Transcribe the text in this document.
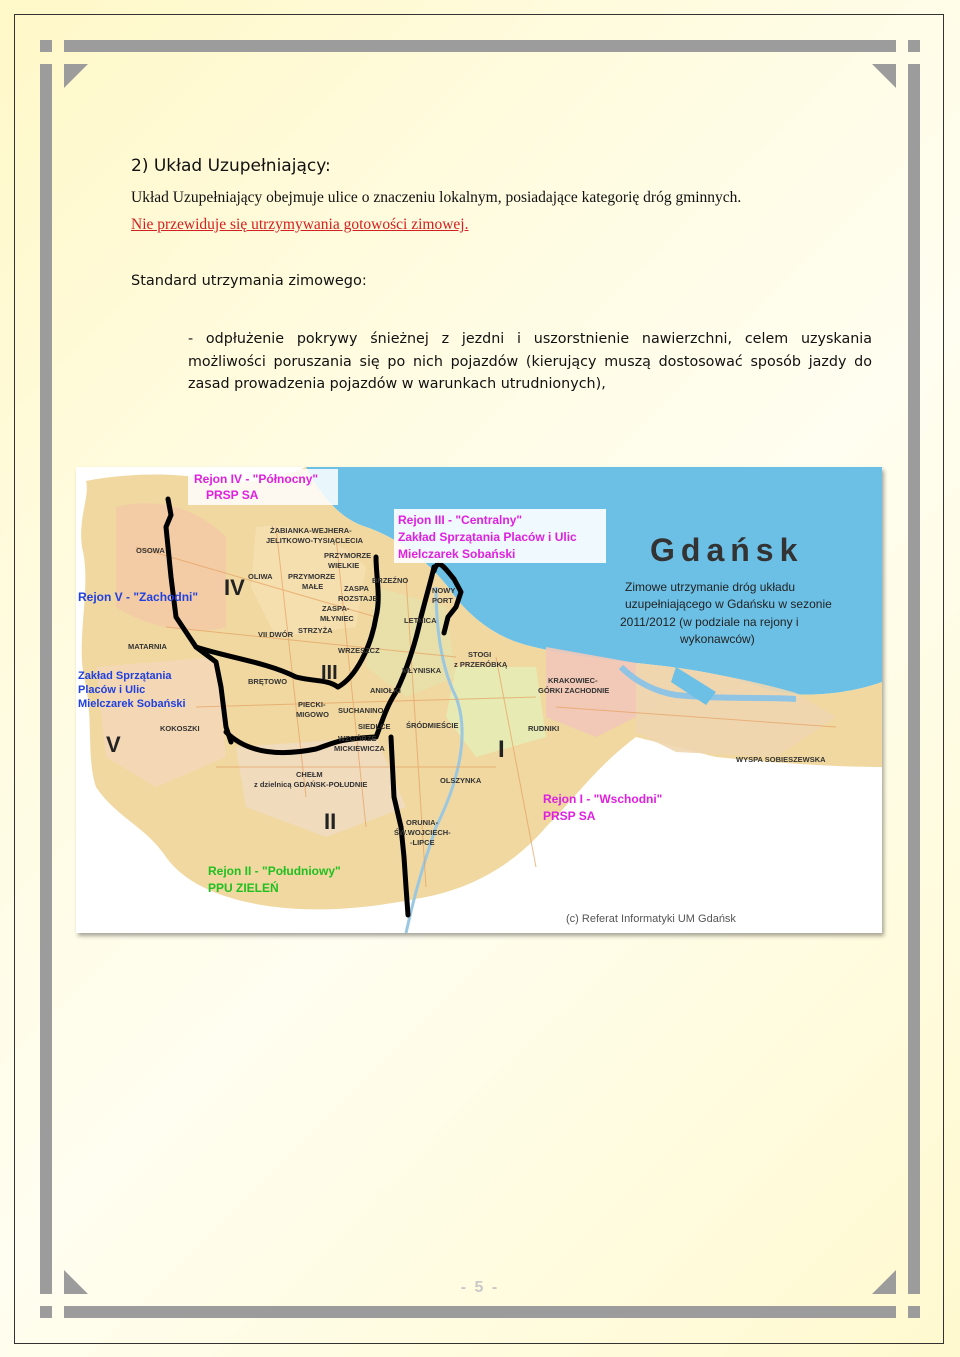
2) Układ Uzupełniający:
Układ Uzupełniający obejmuje ulice o znaczeniu lokalnym, posiadające kategorię dróg gminnych.
Nie przewiduje się utrzymywania gotowości zimowej.
Standard utrzymania zimowego:
- odpłużenie pokrywy śnieżnej z jezdni i uszorstnienie nawierzchni, celem uzyskania możliwości poruszania się po nich pojazdów (kierujący muszą dostosować sposób jazdy do zasad prowadzenia pojazdów w warunkach utrudnionych),
IV
III
V	I
II
Rejon IV - "Północny"
PRSP SA
Rejon III - "Centralny"
Zakład Sprzątania Placów i Ulic
Mielczarek Sobański
Rejon V - "Zachodni"
Zakład Sprzątania
Placów i Ulic
Mielczarek Sobański
Rejon I - "Wschodni"
PRSP SA
Rejon II - "Południowy"
PPU ZIELEŃ
Gdańsk
Zimowe utrzymanie dróg układu
uzupełniającego w Gdańsku w sezonie
2011/2012 (w podziale na rejony i
wykonawców)
(c) Referat Informatyki UM Gdańsk
OSOWA
ŻABIANKA-WEJHERA-
JELITKOWO-TYSIĄCLECIA
PRZYMORZE
WIELKIE
OLIWA PRZYMORZE
MAŁE	ZASPA
ROZSTAJE
BRZEŹNO
NOWY
PORT
ZASPA-
MŁYNIEC	LETNICA
VII DWÓR STRZYŻA
MATARNIA	WRZESZCZ
MŁYNISKA
STOGI
z PRZERÓBKĄ
BRĘTOWO
ANIOŁKI
KRAKOWIEC-
GÓRKI ZACHODNIE
KOKOSZKI
PIECKI-
MIGOWO SUCHANINO
SIEDLCE ŚRÓDMIEŚCIE	RUDNIKI
WZGÓRZE
MICKIEWICZA
CHEŁM
z dzielnicą GDAŃSK-POŁUDNIE	OLSZYNKA
WYSPA SOBIESZEWSKA
ORUNIA-
ŚW.WOJCIECH-
-LIPCE
- 5 -
